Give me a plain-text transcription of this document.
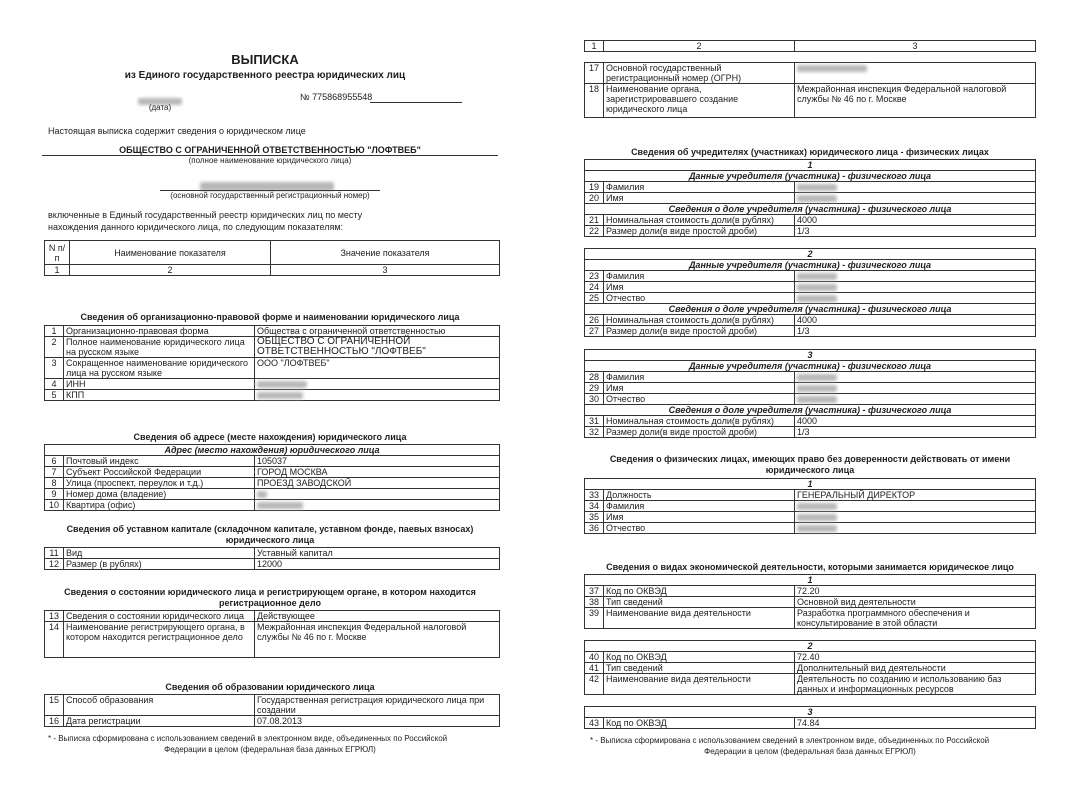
ВЫПИСКА
из Единого государственного реестра юридических лиц
(дата)
№ 775868955548
Настоящая выписка содержит сведения о юридическом лице
ОБЩЕСТВО С ОГРАНИЧЕННОЙ ОТВЕТСТВЕННОСТЬЮ "ЛОФТВЕБ"
(полное наименование юридического лица)
(основной государственный регистрационный номер)
включенные в Единый государственный реестр юридических лиц по месту
нахождения данного юридического лица, по следующим показателям:
N п/п	Наименование показателя	Значение показателя
1	2	3
Сведения об организационно-правовой форме и наименовании юридического лица
1	Организационно-правовая форма	Общества с ограниченной ответственностью
2	Полное наименование юридического лица на русском языке	ОБЩЕСТВО С ОГРАНИЧЕННОЙ ОТВЕТСТВЕННОСТЬЮ "ЛОФТВЕБ"
3	Сокращенное наименование юридического лица на русском языке	ООО "ЛОФТВЕБ"
4	ИНН	
5	КПП	
Сведения об адресе (месте нахождения) юридического лица
Адрес (место нахождения) юридического лица		
6	Почтовый индекс	105037
7	Субъект Российской Федерации	ГОРОД МОСКВА
8	Улица (проспект, переулок и т.д.)	ПРОЕЗД ЗАВОДСКОЙ
9	Номер дома (владение)	
10	Квартира (офис)	
Сведения об уставном капитале (складочном капитале, уставном фонде, паевых взносах)
юридического лица
11	Вид	Уставный капитал
12	Размер (в рублях)	12000
Сведения о состоянии юридического лица и регистрирующем органе, в котором находится
регистрационное дело
13	Сведения о состоянии юридического лица	Действующее
14	Наименование регистрирующего органа, в котором находится регистрационное дело	Межрайонная инспекция Федеральной налоговой службы № 46 по г. Москве
Сведения об образовании юридического лица
15	Способ образования	Государственная регистрация юридического лица при создании
16	Дата регистрации	07.08.2013
* - Выписка сформирована с использованием сведений в электронном виде, объединенных по Российской
Федерации в целом (федеральная база данных ЕГРЮЛ)
1	2	3
17	Основной государственный регистрационный номер (ОГРН)	
18	Наименование органа, зарегистрировавшего создание юридического лица	Межрайонная инспекция Федеральной налоговой службы № 46 по г. Москве
Сведения об учредителях (участниках) юридического лица - физических лицах
1		
Данные учредителя (участника) - физического лица		
19	Фамилия	
20	Имя	
Сведения о доле учредителя (участника) - физического лица		
21	Номинальная стоимость доли(в рублях)	4000
22	Размер доли(в виде простой дроби)	1/3
2		
Данные учредителя (участника) - физического лица		
23	Фамилия	
24	Имя	
25	Отчество	
Сведения о доле учредителя (участника) - физического лица		
26	Номинальная стоимость доли(в рублях)	4000
27	Размер доли(в виде простой дроби)	1/3
3		
Данные учредителя (участника) - физического лица		
28	Фамилия	
29	Имя	
30	Отчество	
Сведения о доле учредителя (участника) - физического лица		
31	Номинальная стоимость доли(в рублях)	4000
32	Размер доли(в виде простой дроби)	1/3
Сведения о физических лицах, имеющих право без доверенности действовать от имени
юридического лица
1		
33	Должность	ГЕНЕРАЛЬНЫЙ ДИРЕКТОР
34	Фамилия	
35	Имя	
36	Отчество	
Сведения о видах экономической деятельности, которыми занимается юридическое лицо
1		
37	Код по ОКВЭД	72.20
38	Тип сведений	Основной вид деятельности
39	Наименование вида деятельности	Разработка программного обеспечения и консультирование в этой области
2		
40	Код по ОКВЭД	72.40
41	Тип сведений	Дополнительный вид деятельности
42	Наименование вида деятельности	Деятельность по созданию и использованию баз данных и информационных ресурсов
3
43	Код по ОКВЭД	74.84
* - Выписка сформирована с использованием сведений в электронном виде, объединенных по Российской
Федерации в целом (федеральная база данных ЕГРЮЛ)
